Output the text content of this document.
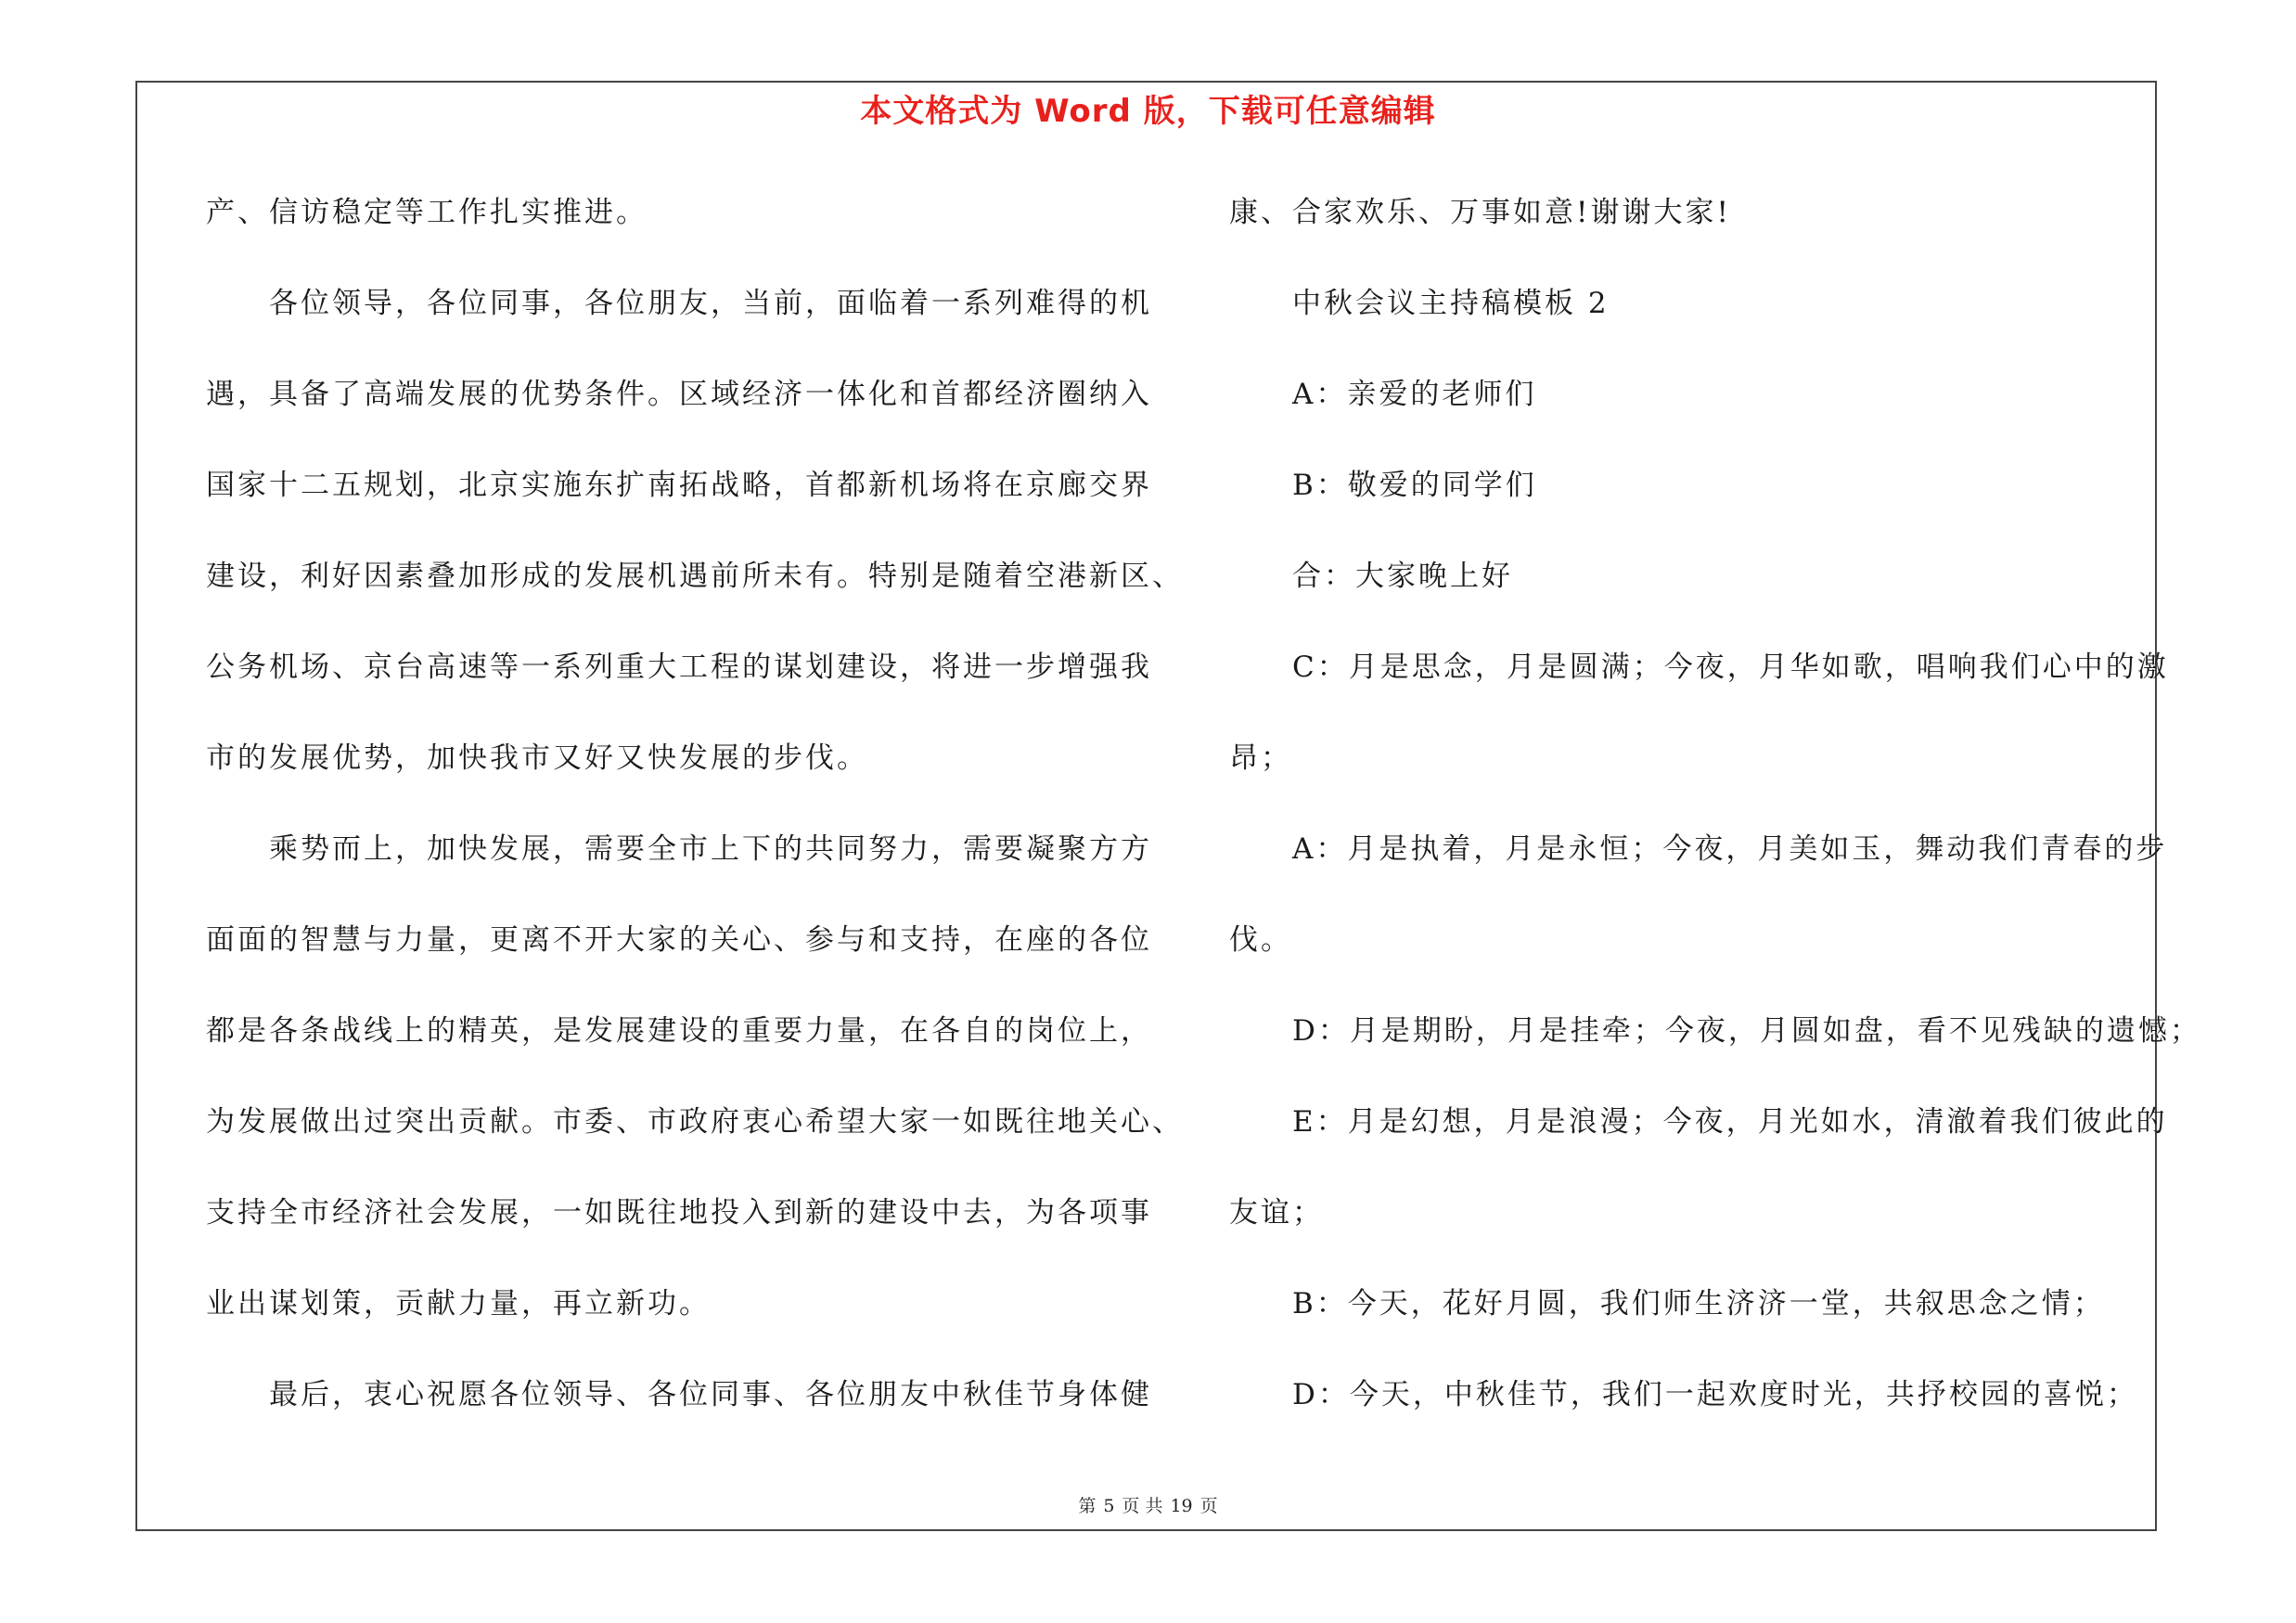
本文格式为 Word 版，下载可任意编辑
产、信访稳定等工作扎实推进。
各位领导，各位同事，各位朋友，当前，面临着一系列难得的机
遇，具备了高端发展的优势条件。区域经济一体化和首都经济圈纳入
国家十二五规划，北京实施东扩南拓战略，首都新机场将在京廊交界
建设，利好因素叠加形成的发展机遇前所未有。特别是随着空港新区、
公务机场、京台高速等一系列重大工程的谋划建设，将进一步增强我
市的发展优势，加快我市又好又快发展的步伐。
乘势而上，加快发展，需要全市上下的共同努力，需要凝聚方方
面面的智慧与力量，更离不开大家的关心、参与和支持，在座的各位
都是各条战线上的精英，是发展建设的重要力量，在各自的岗位上，
为发展做出过突出贡献。市委、市政府衷心希望大家一如既往地关心、
支持全市经济社会发展，一如既往地投入到新的建设中去，为各项事
业出谋划策，贡献力量，再立新功。
最后，衷心祝愿各位领导、各位同事、各位朋友中秋佳节身体健
康、合家欢乐、万事如意!谢谢大家!
中秋会议主持稿模板 2
A：亲爱的老师们
B：敬爱的同学们
合：大家晚上好
C：月是思念，月是圆满；今夜，月华如歌，唱响我们心中的激
昂；
A：月是执着，月是永恒；今夜，月美如玉，舞动我们青春的步
伐。
D：月是期盼，月是挂牵；今夜，月圆如盘，看不见残缺的遗憾；
E：月是幻想，月是浪漫；今夜，月光如水，清澈着我们彼此的
友谊；
B：今天，花好月圆，我们师生济济一堂，共叙思念之情；
D：今天，中秋佳节，我们一起欢度时光，共抒校园的喜悦；
第 5 页 共 19 页
